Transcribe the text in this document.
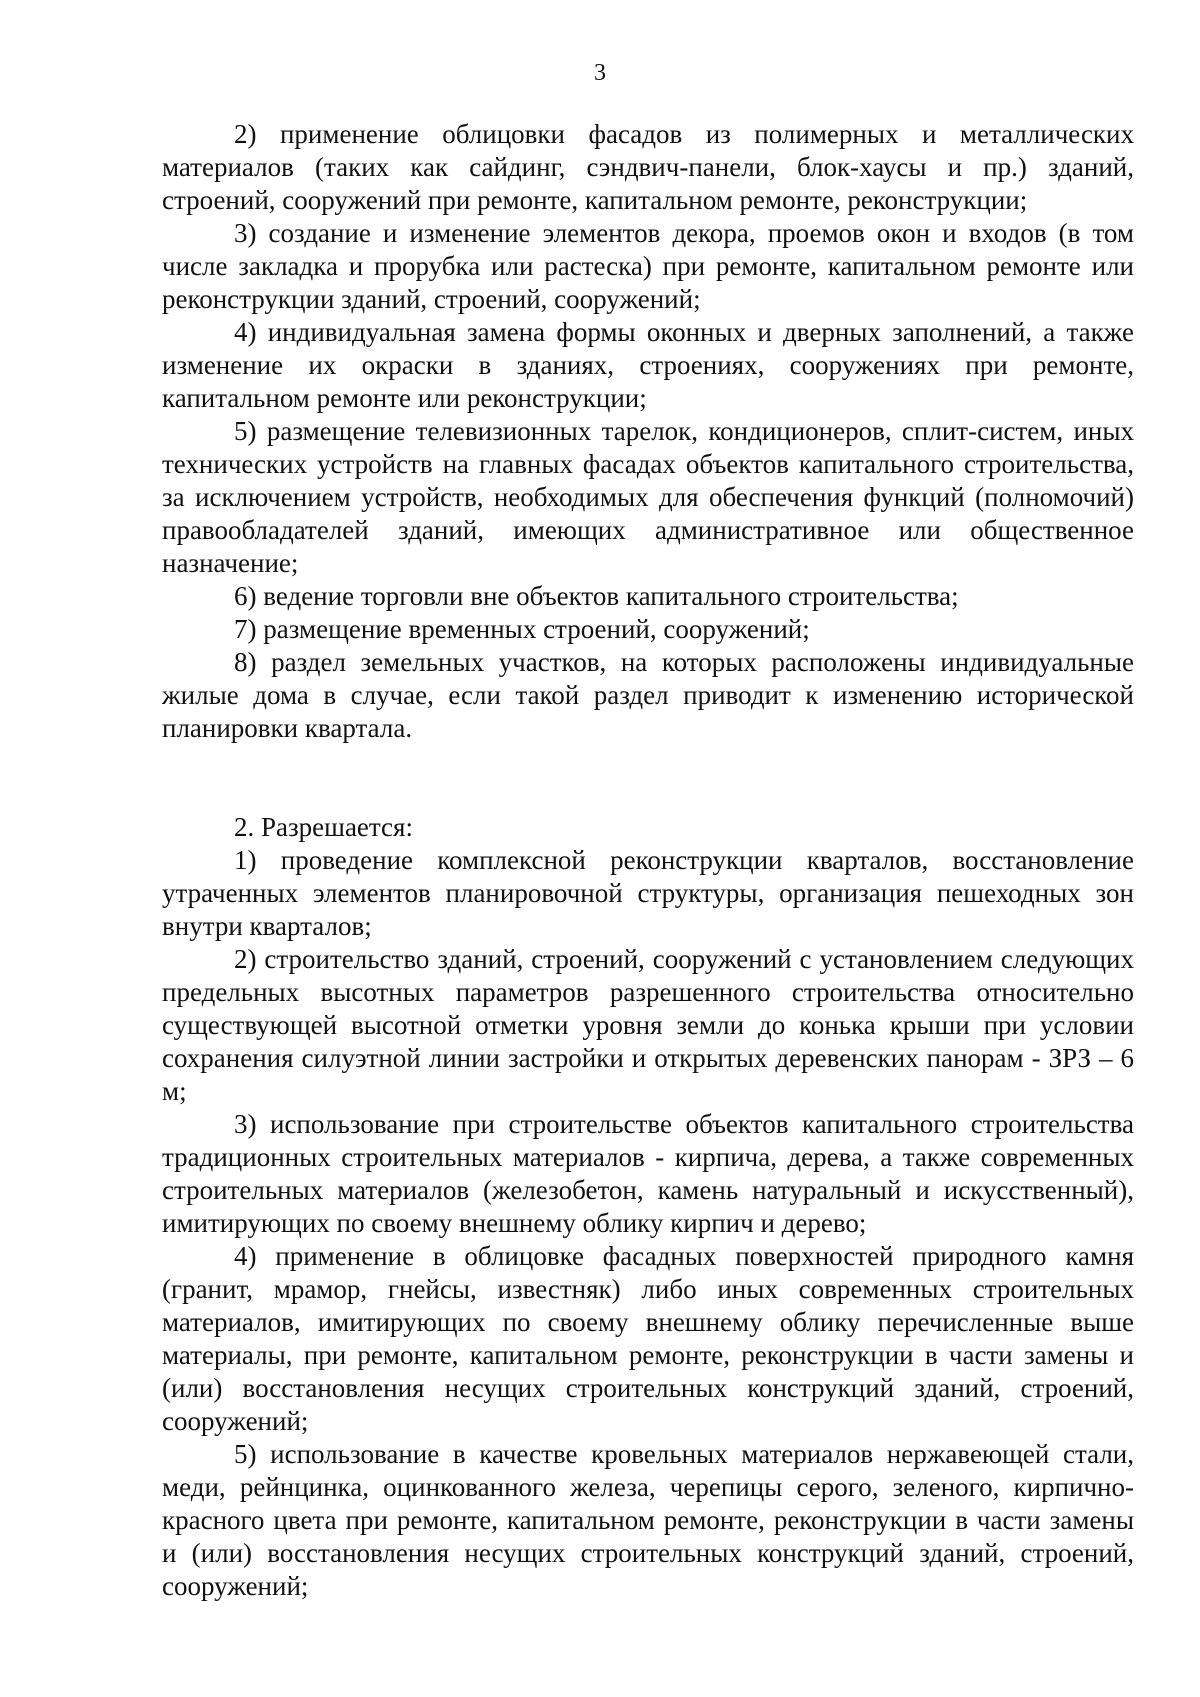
3

2) применение облицовки фасадов из полимерных и металлических материалов (таких как сайдинг, сэндвич-панели, блок-хаусы и пр.) зданий, строений, сооружений при ремонте, капитальном ремонте, реконструкции;

3) создание и изменение элементов декора, проемов окон и входов (в том числе закладка и прорубка или растеска) при ремонте, капитальном ремонте или реконструкции зданий, строений, сооружений;

4) индивидуальная замена формы оконных и дверных заполнений, а также изменение их окраски в зданиях, строениях, сооружениях при ремонте, капитальном ремонте или реконструкции;

5) размещение телевизионных тарелок, кондиционеров, сплит-систем, иных технических устройств на главных фасадах объектов капитального строительства, за исключением устройств, необходимых для обеспечения функций (полномочий) правообладателей зданий, имеющих административное или общественное назначение;

6) ведение торговли вне объектов капитального строительства;

7) размещение временных строений, сооружений;

8) раздел земельных участков, на которых расположены индивидуальные жилые дома в случае, если такой раздел приводит к изменению исторической планировки квартала.

2. Разрешается:

1) проведение комплексной реконструкции кварталов, восстановление утраченных элементов планировочной структуры, организация пешеходных зон внутри кварталов;

2) строительство зданий, строений, сооружений с установлением следующих предельных высотных параметров разрешенного строительства относительно существующей высотной отметки уровня земли до конька крыши при условии сохранения силуэтной линии застройки и открытых деревенских панорам - ЗРЗ – 6 м;

3) использование при строительстве объектов капитального строительства традиционных строительных материалов - кирпича, дерева, а также современных строительных материалов (железобетон, камень натуральный и искусственный), имитирующих по своему внешнему облику кирпич и дерево;

4) применение в облицовке фасадных поверхностей природного камня (гранит, мрамор, гнейсы, известняк) либо иных современных строительных материалов, имитирующих по своему внешнему облику перечисленные выше материалы, при ремонте, капитальном ремонте, реконструкции в части замены и (или) восстановления несущих строительных конструкций зданий, строений, сооружений;

5) использование в качестве кровельных материалов нержавеющей стали, меди, рейнцинка, оцинкованного железа, черепицы серого, зеленого, кирпично-красного цвета при ремонте, капитальном ремонте, реконструкции в части замены и (или) восстановления несущих строительных конструкций зданий, строений, сооружений;
